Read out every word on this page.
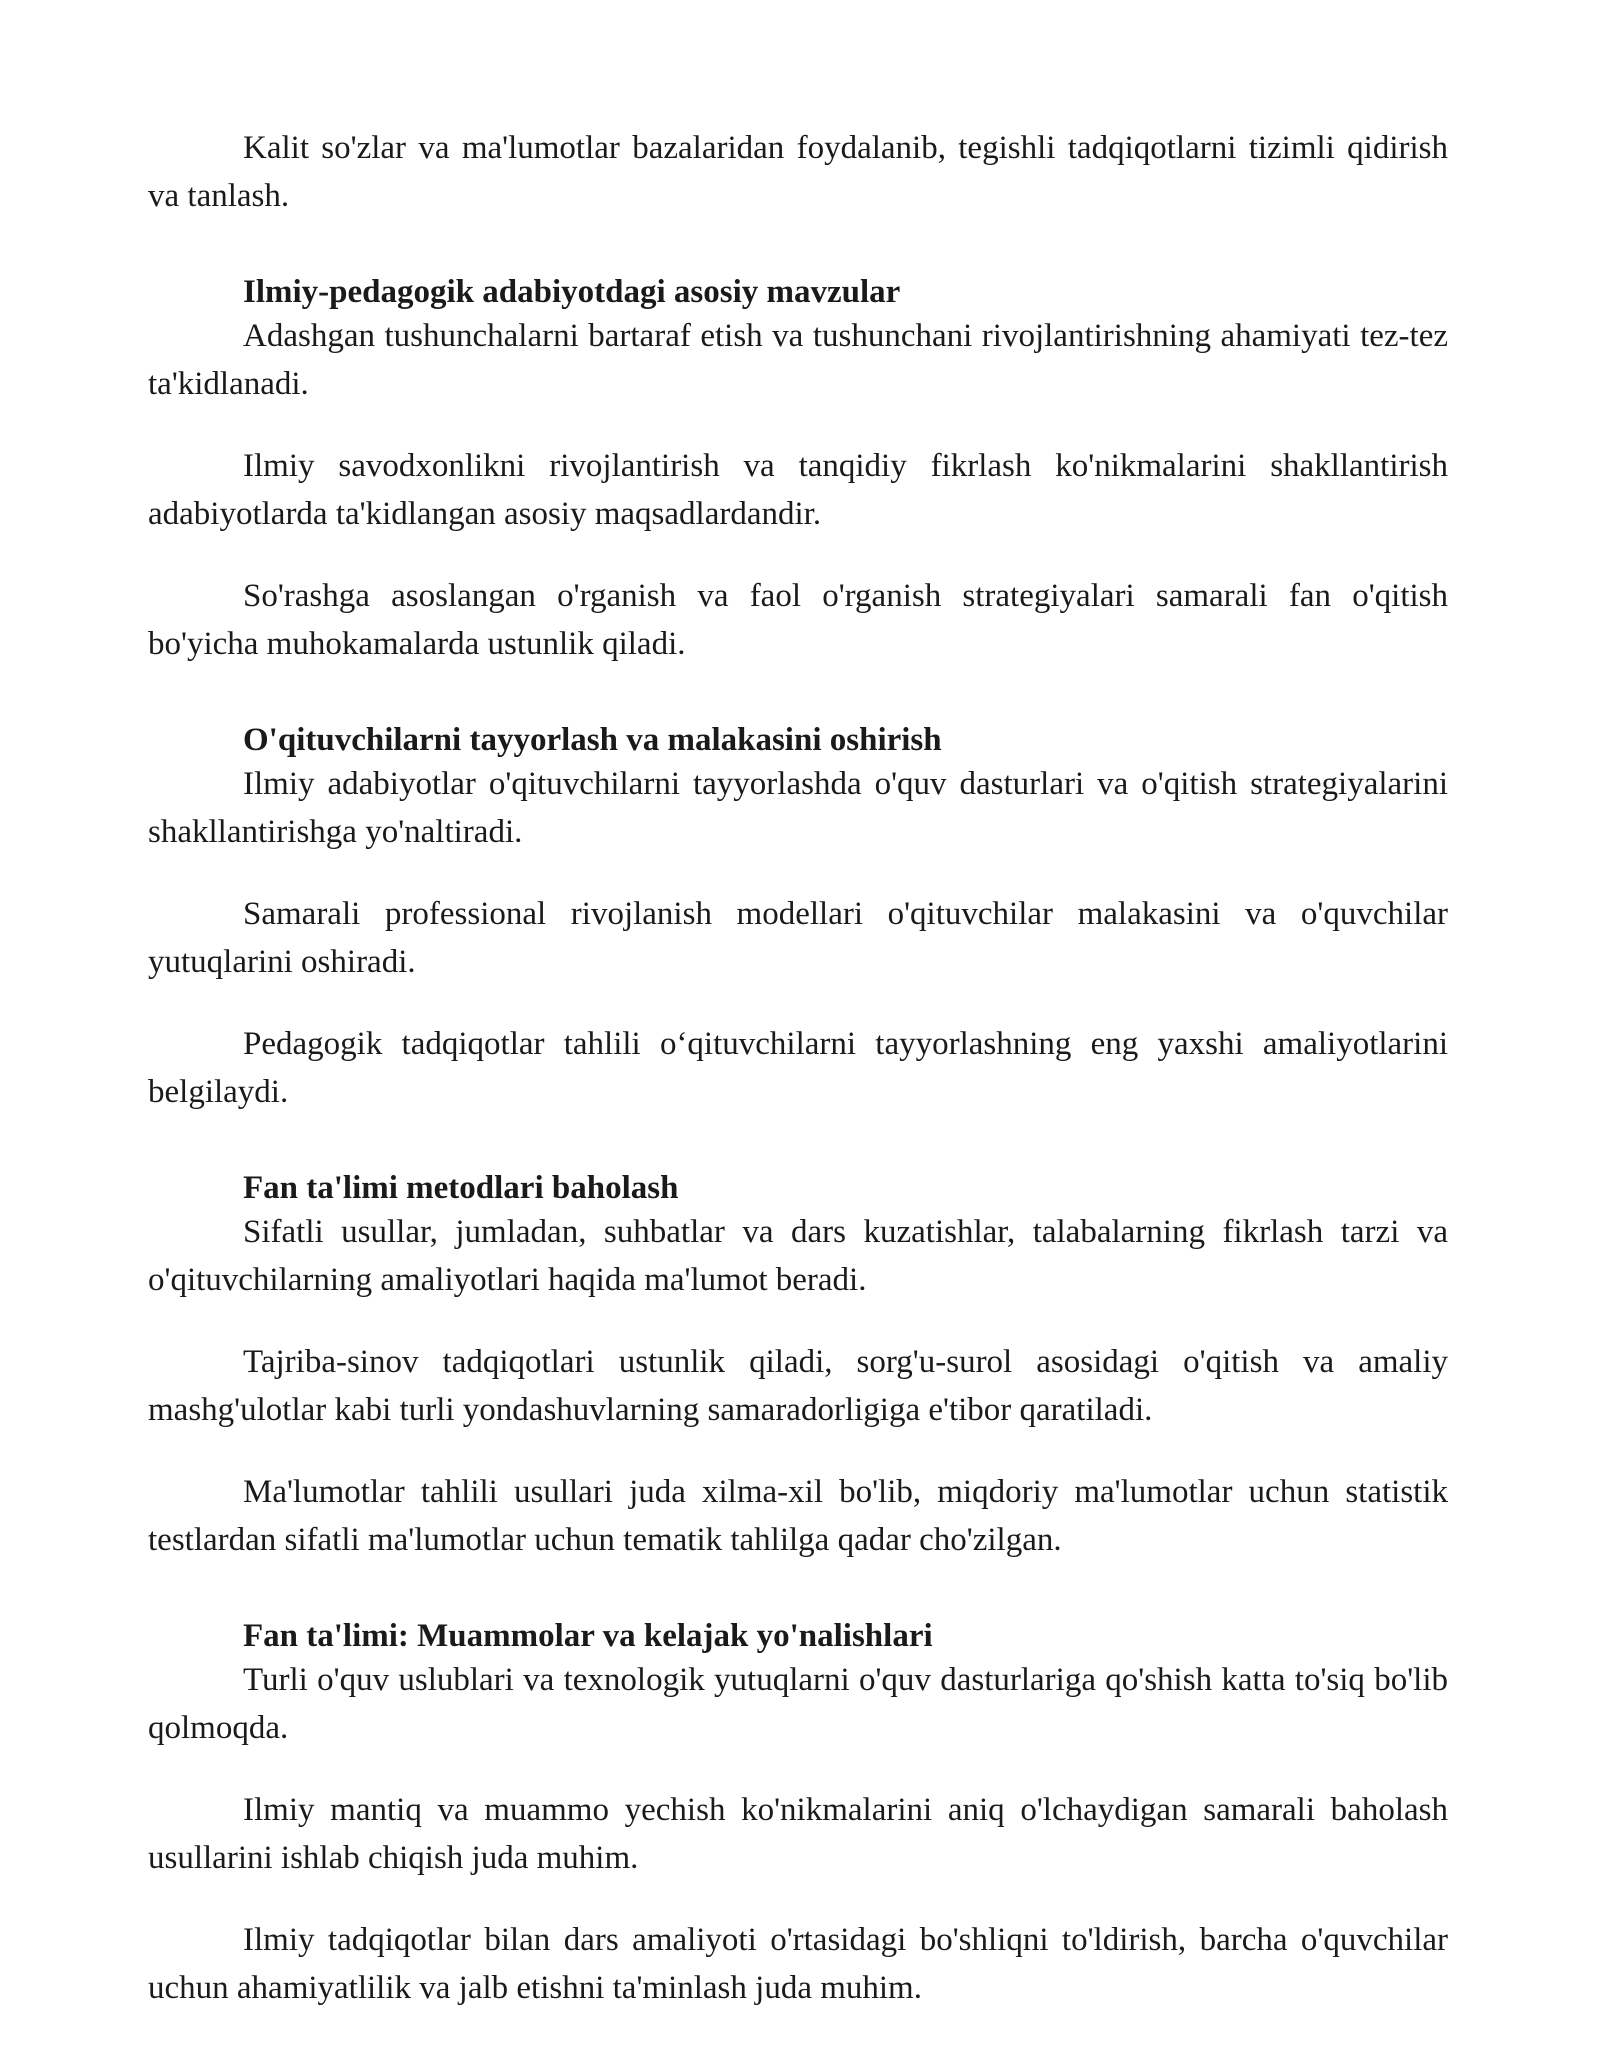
Kalit so'zlar va ma'lumotlar bazalaridan foydalanib, tegishli tadqiqotlarni tizimli qidirish va tanlash.

Ilmiy-pedagogik adabiyotdagi asosiy mavzular

Adashgan tushunchalarni bartaraf etish va tushunchani rivojlantirishning ahamiyati tez-tez ta'kidlanadi.

Ilmiy savodxonlikni rivojlantirish va tanqidiy fikrlash ko'nikmalarini shakllantirish adabiyotlarda ta'kidlangan asosiy maqsadlardandir.

So'rashga asoslangan o'rganish va faol o'rganish strategiyalari samarali fan o'qitish bo'yicha muhokamalarda ustunlik qiladi.

O'qituvchilarni tayyorlash va malakasini oshirish

Ilmiy adabiyotlar o'qituvchilarni tayyorlashda o'quv dasturlari va o'qitish strategiyalarini shakllantirishga yo'naltiradi.

Samarali professional rivojlanish modellari o'qituvchilar malakasini va o'quvchilar yutuqlarini oshiradi.

Pedagogik tadqiqotlar tahlili o‘qituvchilarni tayyorlashning eng yaxshi amaliyotlarini belgilaydi.

Fan ta'limi metodlari baholash

Sifatli usullar, jumladan, suhbatlar va dars kuzatishlar, talabalarning fikrlash tarzi va o'qituvchilarning amaliyotlari haqida ma'lumot beradi.

Tajriba-sinov tadqiqotlari ustunlik qiladi, sorg'u-surol asosidagi o'qitish va amaliy mashg'ulotlar kabi turli yondashuvlarning samaradorligiga e'tibor qaratiladi.

Ma'lumotlar tahlili usullari juda xilma-xil bo'lib, miqdoriy ma'lumotlar uchun statistik testlardan sifatli ma'lumotlar uchun tematik tahlilga qadar cho'zilgan.

Fan ta'limi: Muammolar va kelajak yo'nalishlari

Turli o'quv uslublari va texnologik yutuqlarni o'quv dasturlariga qo'shish katta to'siq bo'lib qolmoqda.

Ilmiy mantiq va muammo yechish ko'nikmalarini aniq o'lchaydigan samarali baholash usullarini ishlab chiqish juda muhim.

Ilmiy tadqiqotlar bilan dars amaliyoti o'rtasidagi bo'shliqni to'ldirish, barcha o'quvchilar uchun ahamiyatlilik va jalb etishni ta'minlash juda muhim.
